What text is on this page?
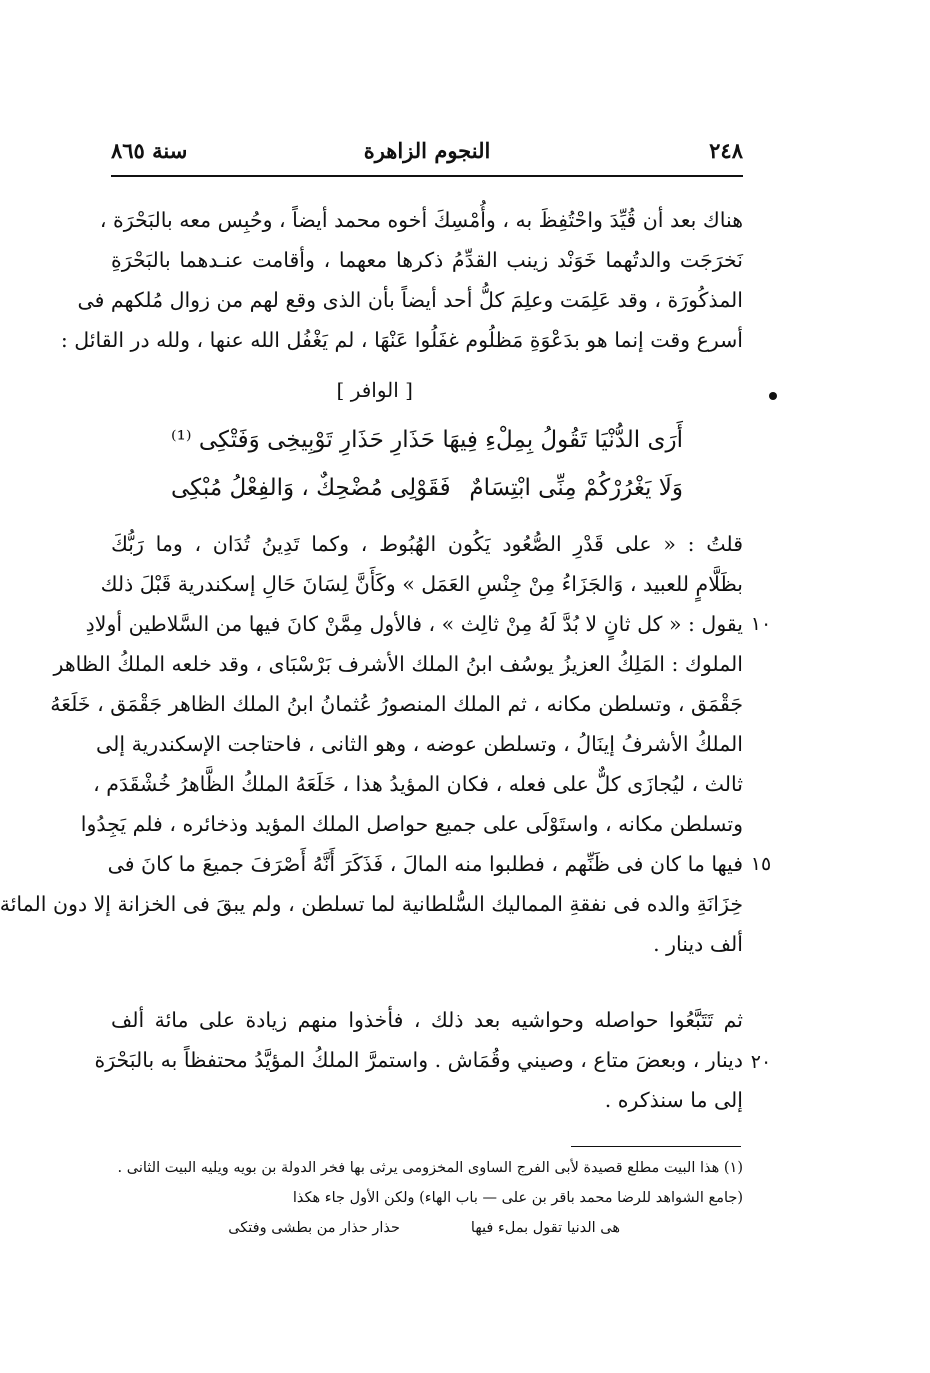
٢٤٨
النجوم الزاهرة
سنة ٨٦٥
هناك بعد أن قُيِّدَ واحْتُفِظَ به ، وأُمْسِكَ أخوه محمد أيضاً ، وحُبِس معه بالبَحْرَة ،
نَخرَجَت والدتُهما خَوَنْد زينب القدِّمُ ذكرها معهما ، وأقامت عنـدهما بالبَحْرَةِ
المذكُورَة ، وقد عَلِمَت وعلِمَ كلُّ أحد أيضاً بأن الذى وقع لهم من زوال مُلكهم فى
أسرع وقت إنما هو بدَعْوَةِ مَظلُوم غفَلُوا عَنْهَا ، لم يَغْفُل الله عنها ، ولله در القائل :
[ الوافر ]
أَرَى الدُّنْيَا تَقُولُ بِمِلْءِ فِيهَا
حَذَارِ حَذَارِ تَوْبِيخِى وَفَتْكِى ⁽¹⁾
وَلَا يَغْرُرْكُمْ مِنِّى ابْتِسَامٌ
فَقَوْلِى مُضْحِكٌ ، وَالفِعْلُ مُبْكِى
قلتُ : « على قَدْرِ الصُّعُود يَكُون الهُبُوط ، وكما تَدِينُ تُدَان ، وما رَبُّكَ
بظَلَّامٍ للعبيد ، وَالجَزَاءُ مِنْ جِنْسِ العَمَل » وكَأَنَّ لِسَانَ حَالِ إسكندرية قَبْلَ ذلك
يقول : « كل ثانٍ لا بُدَّ لَهُ مِنْ ثالِث » ، فالأول مِمَّنْ كانَ فيها من السَّلاطين أولادِ
الملوك : المَلِكُ العزيزُ يوسُف ابنُ الملك الأشرف بَرْسْبَاى ، وقد خلعه الملكُ الظاهر
جَقْمَق ، وتسلطن مكانه ، ثم الملك المنصورُ عُثمانُ ابنُ الملك الظاهر جَقْمَق ، خَلَعَهُ
الملكُ الأشرفُ إينَالُ ، وتسلطن عوضه ، وهو الثانى ، فاحتاجت الإسكندرية إلى
ثالث ، ليُجازَى كلٌّ على فعله ، فكان المؤيدُ هذا ، خَلَعَهُ الملكُ الظَّاهرُ خُشْقَدَم ،
وتسلطن مكانه ، واستَوْلَى على جميع حواصل الملك المؤيد وذخائره ، فلم يَجِدُوا
فيها ما كان فى ظَنِّهم ، فطلبوا منه المالَ ، فَذَكَرَ أَنَّهُ أَصْرَفَ جميعَ ما كانَ فى
خِزَانَةِ والده فى نفقةِ المماليك السُّلطانية لما تسلطن ، ولم يبقَ فى الخزانة إلا دون المائة
ألف دينار .
ثم تَتَبَّعُوا حواصله وحواشيه بعد ذلك ، فأخذوا منهم زيادة على مائة ألف
دينار ، وبعضَ متاع ، وصيني وقُمَاش . واستمرَّ الملكُ المؤيَّدُ محتفظاً به بالبَحْرَة
إلى ما سنذكره .
١٠
١٥
٢٠
(١) هذا البيت مطلع قصيدة لأبى الفرج الساوى المخزومى يرثى بها فخر الدولة بن بويه ويليه البيت الثانى .
(جامع الشواهد للرضا محمد باقر بن على — باب الهاء) ولكن الأول جاء هكذا
هى الدنيا تقول بملء فيها
حذار حذار من بطشى وفتكى
